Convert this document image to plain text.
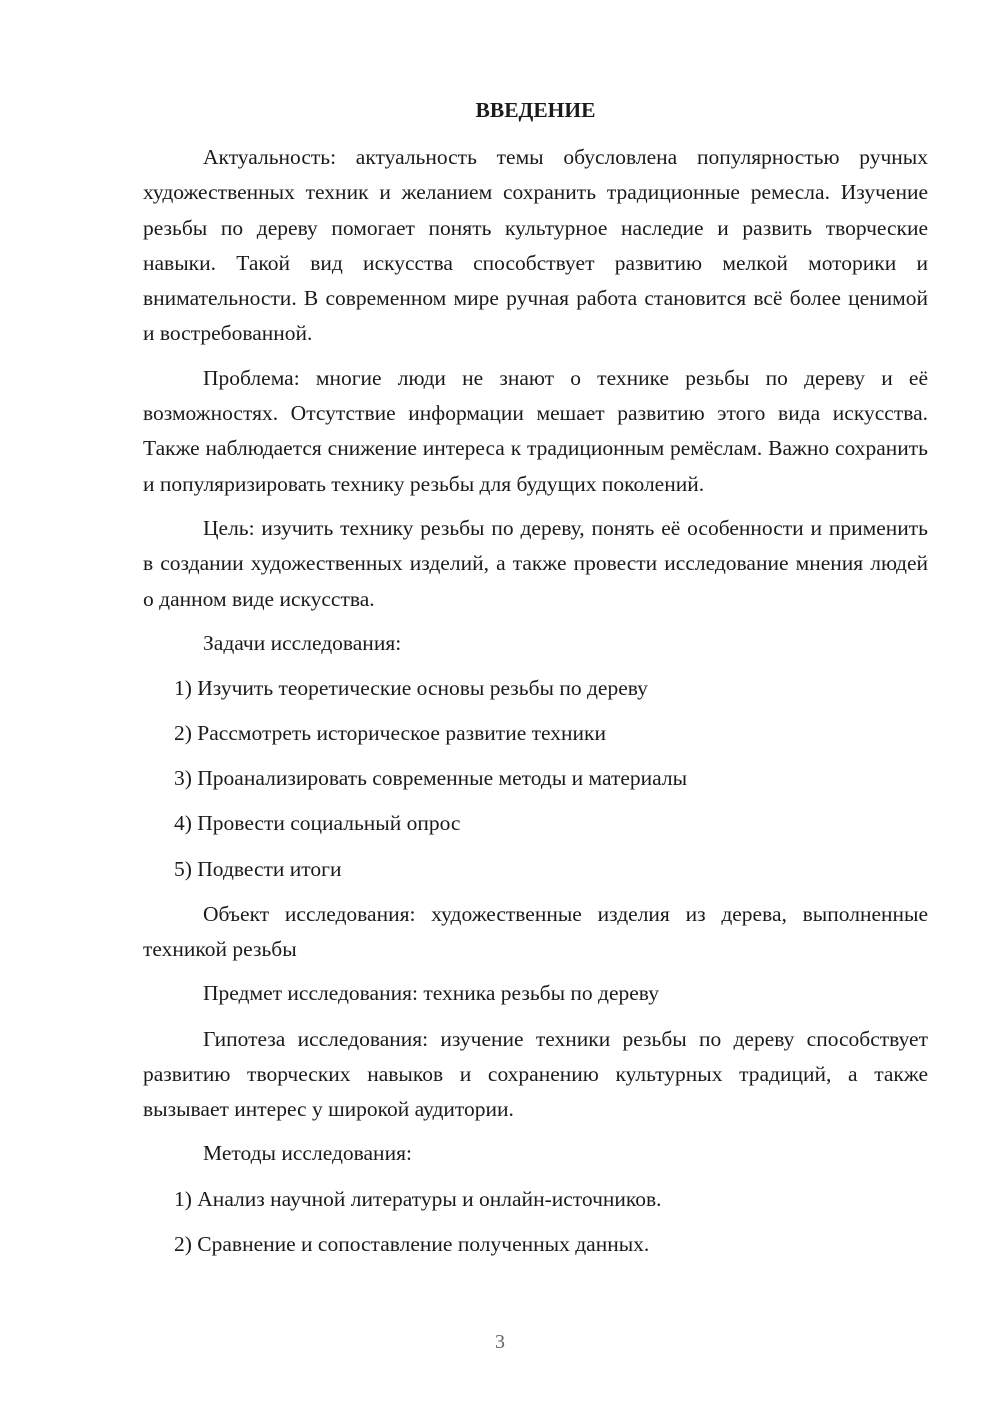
ВВЕДЕНИЕ

Актуальность: актуальность темы обусловлена популярностью ручных художественных техник и желанием сохранить традиционные ремесла. Изучение резьбы по дереву помогает понять культурное наследие и развить творческие навыки. Такой вид искусства способствует развитию мелкой моторики и внимательности. В современном мире ручная работа становится всё более ценимой и востребованной.

Проблема: многие люди не знают о технике резьбы по дереву и её возможностях. Отсутствие информации мешает развитию этого вида искусства. Также наблюдается снижение интереса к традиционным ремёслам. Важно сохранить и популяризировать технику резьбы для будущих поколений.

Цель: изучить технику резьбы по дереву, понять её особенности и применить в создании художественных изделий, а также провести исследование мнения людей о данном виде искусства.

Задачи исследования:

1) Изучить теоретические основы резьбы по дереву

2) Рассмотреть историческое развитие техники

3) Проанализировать современные методы и материалы

4) Провести социальный опрос

5) Подвести итоги

Объект исследования: художественные изделия из дерева, выполненные техникой резьбы

Предмет исследования: техника резьбы по дереву

Гипотеза исследования: изучение техники резьбы по дереву способствует развитию творческих навыков и сохранению культурных традиций, а также вызывает интерес у широкой аудитории.

Методы исследования:

1) Анализ научной литературы и онлайн-источников.

2) Сравнение и сопоставление полученных данных.

3
